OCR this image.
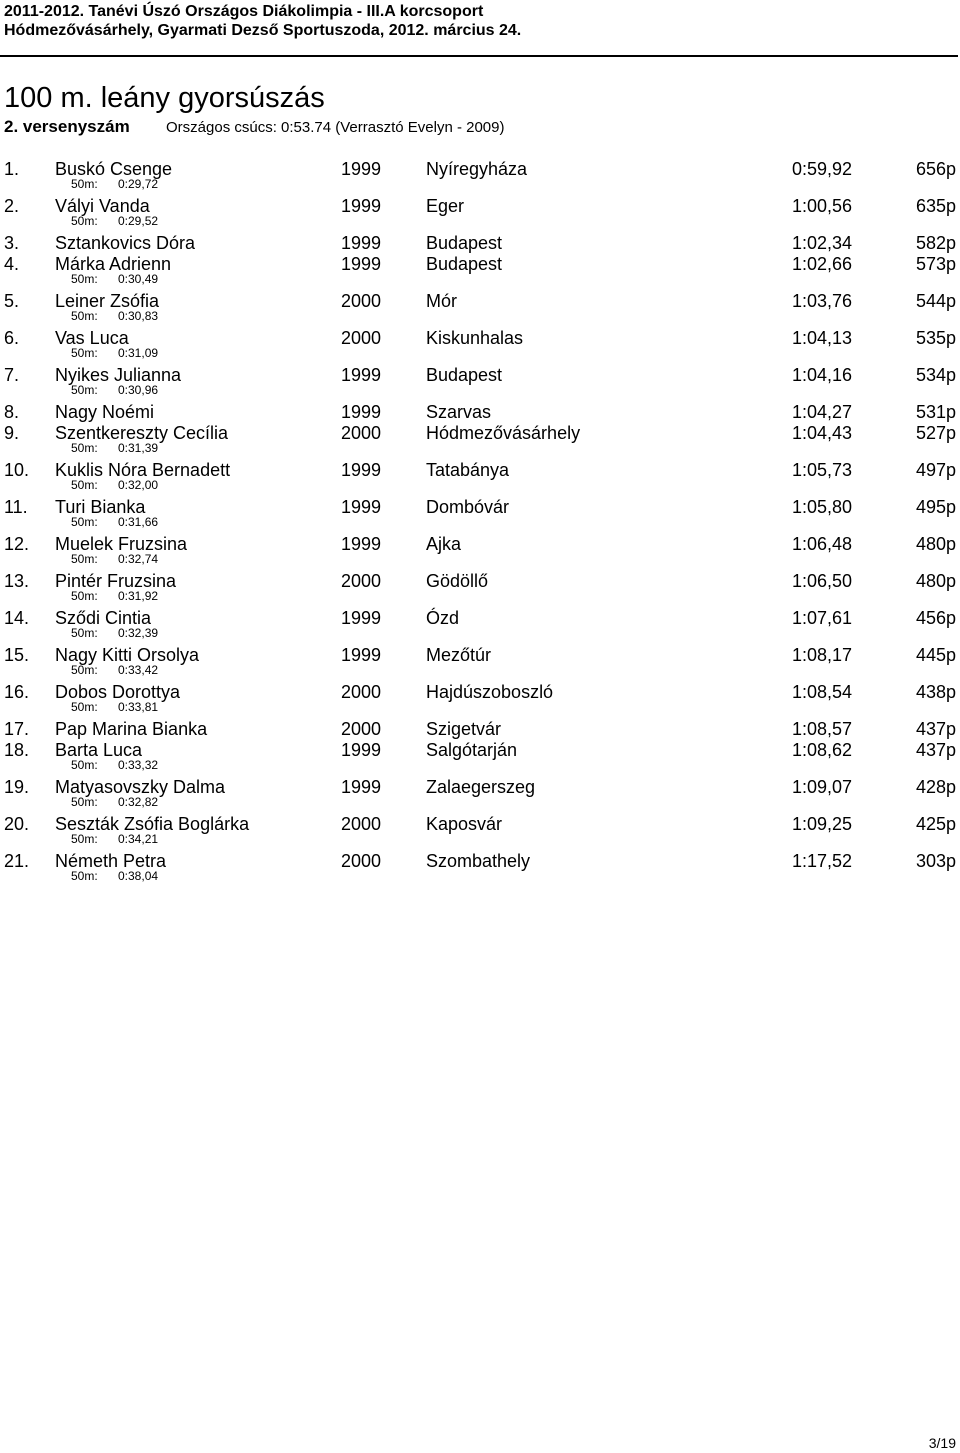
2011-2012. Tanévi Úszó Országos Diákolimpia - III.A korcsoport
Hódmezővásárhely, Gyarmati Dezső Sportuszoda, 2012. március 24.
100 m. leány gyorsúszás
2. versenyszám Országos csúcs: 0:53.74 (Verrasztó Evelyn - 2009)
1. Buskó Csenge	1999 Nyíregyháza	0:59,92	656p
50m: 0:29,72
2. Vályi Vanda	1999 Eger	1:00,56	635p
50m: 0:29,52
3. Sztankovics Dóra	1999 Budapest	1:02,34	582p
4. Márka Adrienn	1999 Budapest	1:02,66	573p
50m: 0:30,49
5. Leiner Zsófia	2000 Mór	1:03,76	544p
50m: 0:30,83
6. Vas Luca	2000 Kiskunhalas	1:04,13	535p
50m: 0:31,09
7. Nyikes Julianna	1999 Budapest	1:04,16	534p
50m: 0:30,96
8. Nagy Noémi	1999 Szarvas	1:04,27	531p
9. Szentkereszty Cecília	2000 Hódmezővásárhely	1:04,43	527p
50m: 0:31,39
10. Kuklis Nóra Bernadett	1999 Tatabánya	1:05,73	497p
50m: 0:32,00
11. Turi Bianka	1999 Dombóvár	1:05,80	495p
50m: 0:31,66
12. Muelek Fruzsina	1999 Ajka	1:06,48	480p
50m: 0:32,74
13. Pintér Fruzsina	2000 Gödöllő	1:06,50	480p
50m: 0:31,92
14. Sződi Cintia	1999 Ózd	1:07,61	456p
50m: 0:32,39
15. Nagy Kitti Orsolya	1999 Mezőtúr	1:08,17	445p
50m: 0:33,42
16. Dobos Dorottya	2000 Hajdúszoboszló	1:08,54	438p
50m: 0:33,81
17. Pap Marina Bianka	2000 Szigetvár	1:08,57	437p
18. Barta Luca	1999 Salgótarján	1:08,62	437p
50m: 0:33,32
19. Matyasovszky Dalma	1999 Zalaegerszeg	1:09,07	428p
50m: 0:32,82
20. Seszták Zsófia Boglárka	2000 Kaposvár	1:09,25	425p
50m: 0:34,21
21. Németh Petra	2000 Szombathely	1:17,52	303p
50m: 0:38,04
3/19
